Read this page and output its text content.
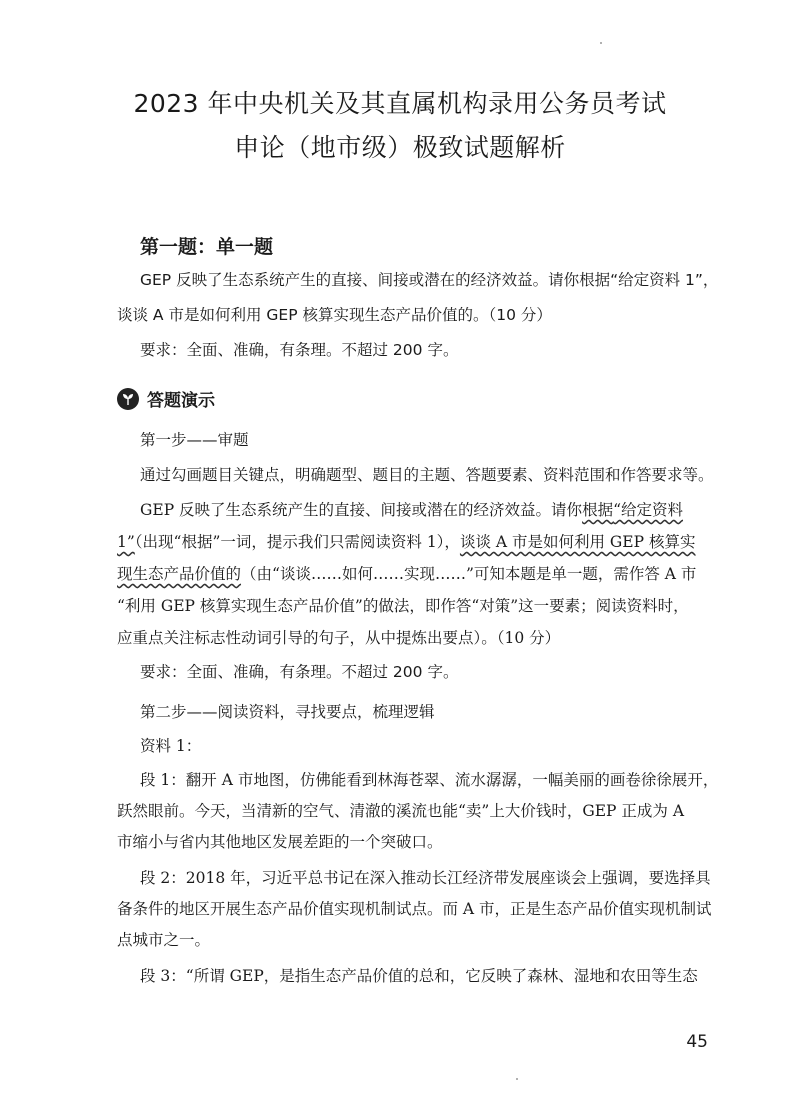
2023 年中央机关及其直属机构录用公务员考试
申论（地市级）极致试题解析
第一题：单一题
GEP 反映了生态系统产生的直接、间接或潜在的经济效益。请你根据“给定资料 1”，
谈谈 A 市是如何利用 GEP 核算实现生态产品价值的。（10 分）
要求：全面、准确，有条理。不超过 200 字。
答题演示
第一步——审题
通过勾画题目关键点，明确题型、题目的主题、答题要素、资料范围和作答要求等。
GEP 反映了生态系统产生的直接、间接或潜在的经济效益。请你根据“给定资料
1”（出现“根据”一词，提示我们只需阅读资料 1），谈谈 A 市是如何利用 GEP 核算实
现生态产品价值的（由“谈谈……如何……实现……”可知本题是单一题，需作答 A 市
“利用 GEP 核算实现生态产品价值”的做法，即作答“对策”这一要素；阅读资料时，
应重点关注标志性动词引导的句子，从中提炼出要点）。（10 分）
要求：全面、准确，有条理。不超过 200 字。
第二步——阅读资料，寻找要点，梳理逻辑
资料 1：
段 1：翻开 A 市地图，仿佛能看到林海苍翠、流水潺潺，一幅美丽的画卷徐徐展开，
跃然眼前。今天，当清新的空气、清澈的溪流也能“卖”上大价钱时，GEP 正成为 A
市缩小与省内其他地区发展差距的一个突破口。
段 2：2018 年，习近平总书记在深入推动长江经济带发展座谈会上强调，要选择具
备条件的地区开展生态产品价值实现机制试点。而 A 市，正是生态产品价值实现机制试
点城市之一。
段 3：“所谓 GEP，是指生态产品价值的总和，它反映了森林、湿地和农田等生态
45
